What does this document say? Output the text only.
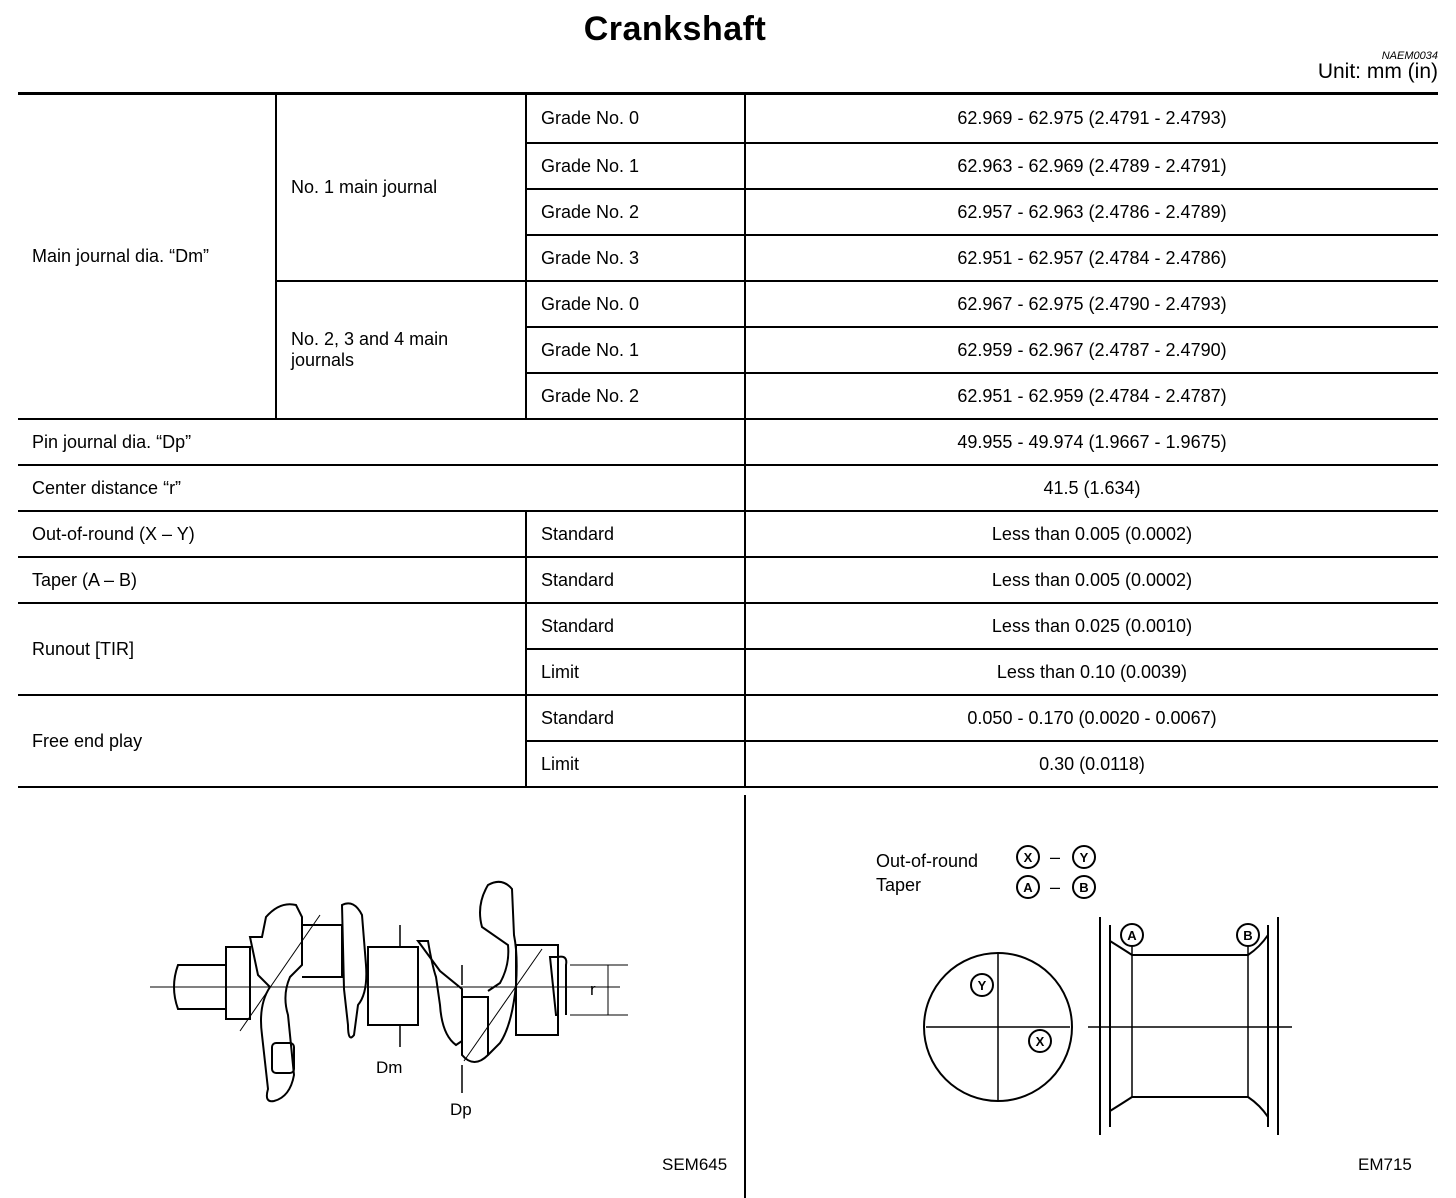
Crankshaft
NAEM0034
Unit: mm (in)
Main journal dia. “Dm”	No. 1 main journal	Grade No. 0	62.969 - 62.975 (2.4791 - 2.4793)
		Grade No. 1	62.963 - 62.969 (2.4789 - 2.4791)
		Grade No. 2	62.957 - 62.963 (2.4786 - 2.4789)
		Grade No. 3	62.951 - 62.957 (2.4784 - 2.4786)
	No. 2, 3 and 4 main journals	Grade No. 0	62.967 - 62.975 (2.4790 - 2.4793)
		Grade No. 1	62.959 - 62.967 (2.4787 - 2.4790)
		Grade No. 2	62.951 - 62.959 (2.4784 - 2.4787)
Pin journal dia. “Dp”			49.955 - 49.974 (1.9667 - 1.9675)
Center distance “r”			41.5 (1.634)
Out-of-round (X – Y)		Standard	Less than 0.005 (0.0002)
Taper (A – B)		Standard	Less than 0.005 (0.0002)
Runout [TIR]		Standard	Less than 0.025 (0.0010)
		Limit	Less than 0.10 (0.0039)
Free end play		Standard	0.050 - 0.170 (0.0020 - 0.0067)
		Limit	0.30 (0.0118)
Dm
Dp
r
SEM645
Out-of-round
Taper
X	Y
A	B
–
–
Y
X
A	B
EM715
